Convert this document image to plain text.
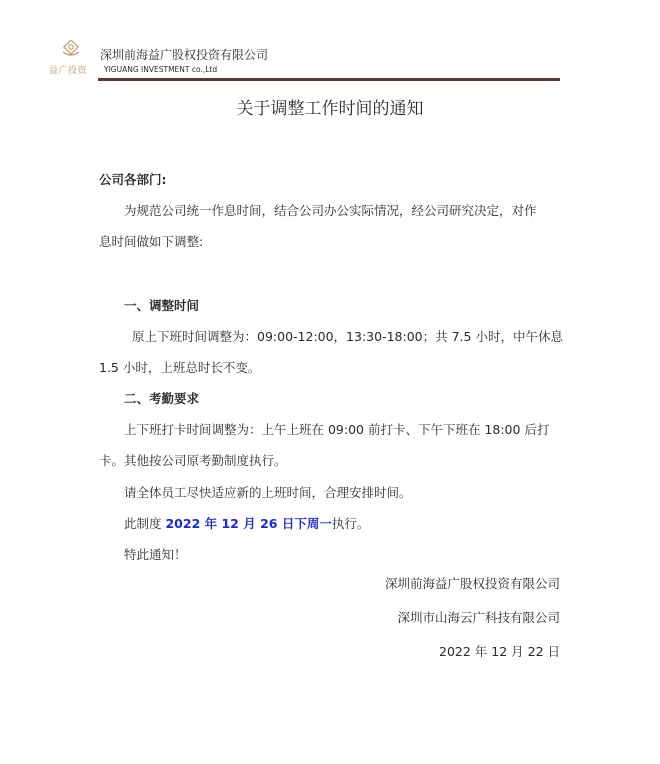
益广投资
深圳前海益广股权投资有限公司
YIGUANG INVESTMENT co.,Ltd
关于调整工作时间的通知
公司各部门:
为规范公司统一作息时间，结合公司办公实际情况，经公司研究决定，对作
息时间做如下调整:
一、调整时间
原上下班时间调整为：09:00-12:00，13:30-18:00；共 7.5 小时，中午休息
1.5 小时，上班总时长不变。
二、考勤要求
上下班打卡时间调整为：上午上班在 09:00 前打卡、下午下班在 18:00 后打
卡。其他按公司原考勤制度执行。
请全体员工尽快适应新的上班时间，合理安排时间。
此制度 2022 年 12 月 26 日下周一执行。
特此通知！
深圳前海益广股权投资有限公司
深圳市山海云广科技有限公司
2022 年 12 月 22 日
